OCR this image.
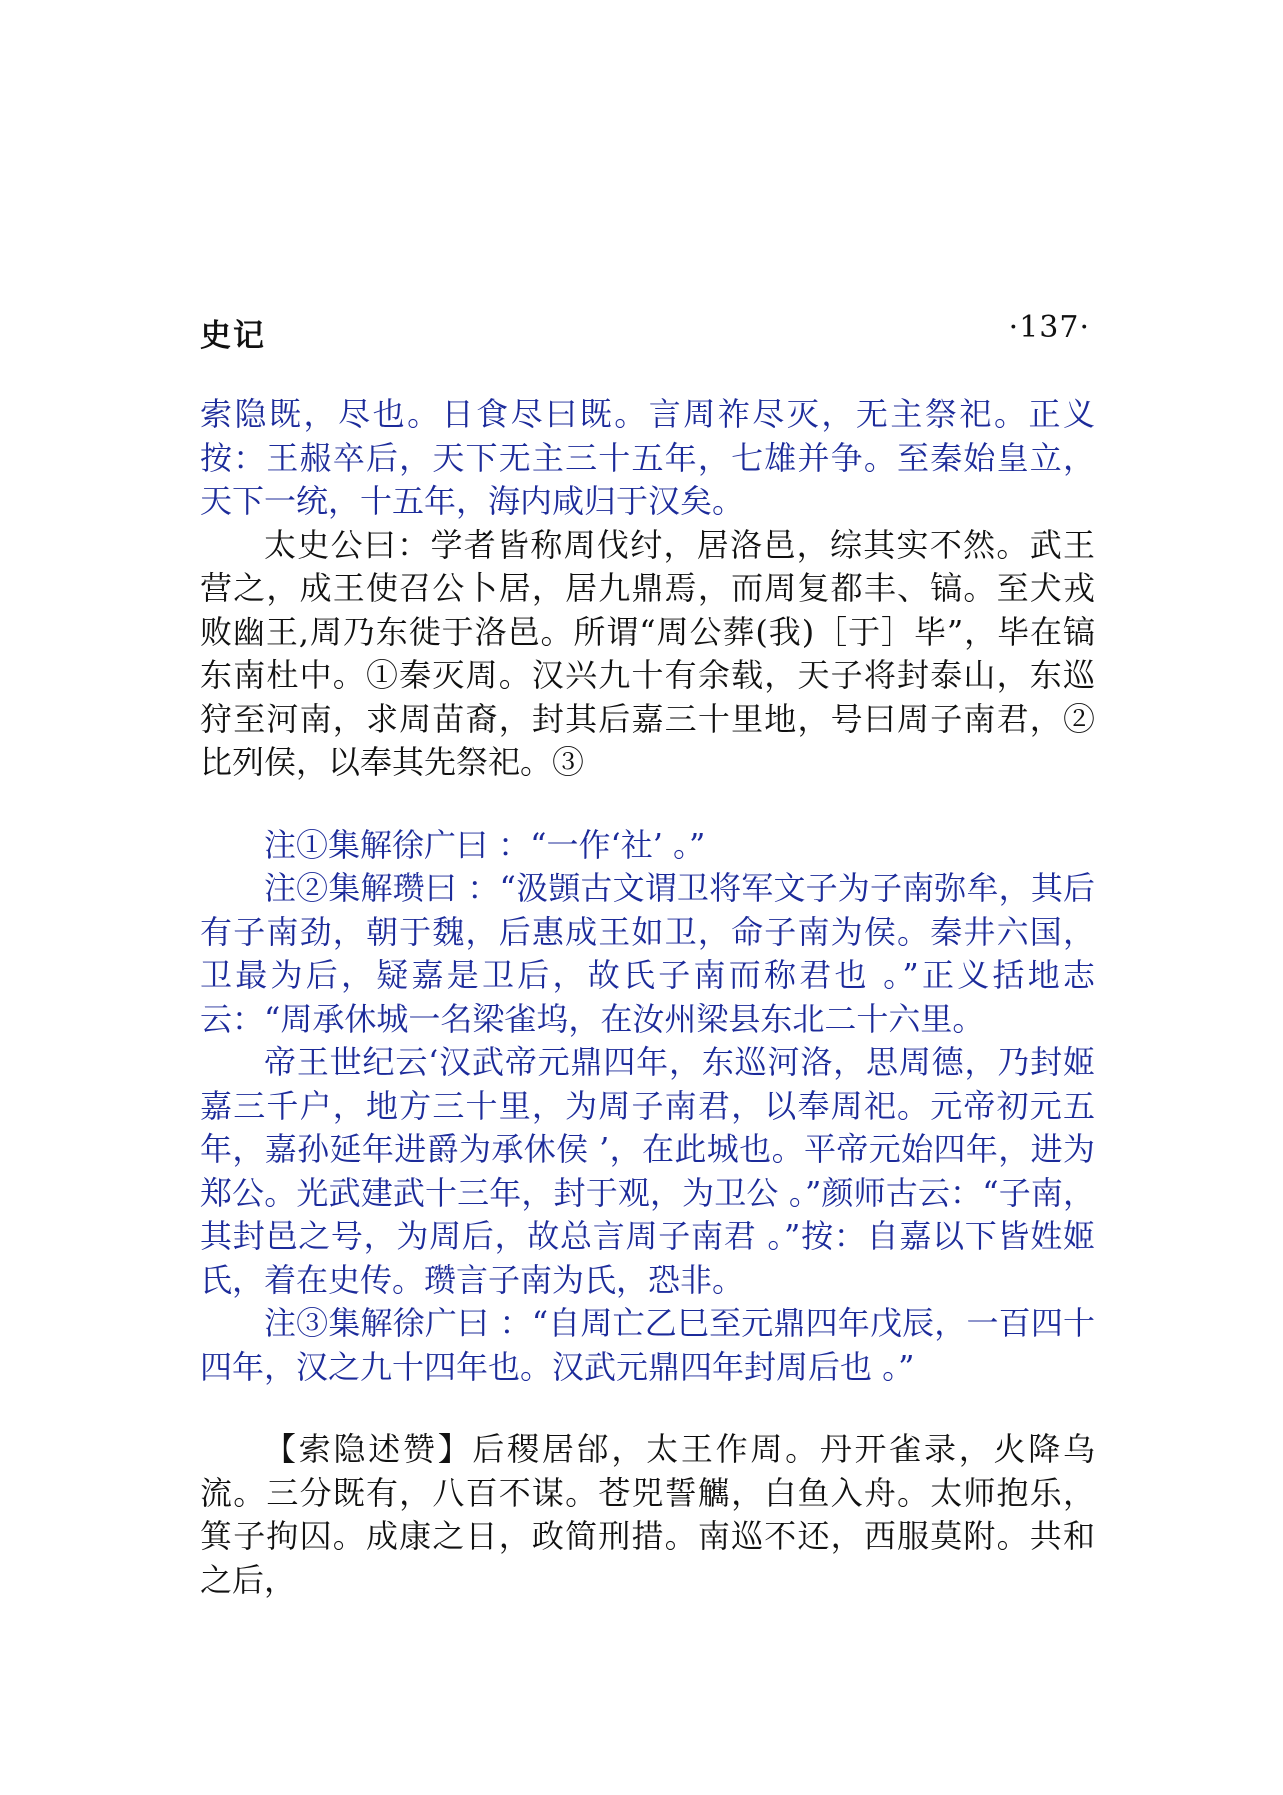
史记	·137·

索隐既，尽也。日食尽曰既。言周祚尽灭，无主祭祀。正义按：王赧卒后，天下无主三十五年，七雄并争。至秦始皇立，天下一统，十五年，海内咸归于汉矣。

太史公曰：学者皆称周伐纣，居洛邑，综其实不然。武王营之，成王使召公卜居，居九鼎焉，而周复都丰、镐。至犬戎败幽王,周乃东徙于洛邑。所谓“周公葬(我)［于］毕”，毕在镐东南杜中。①秦灭周。汉兴九十有余载，天子将封泰山，东巡狩至河南，求周苗裔，封其后嘉三十里地，号曰周子南君，②比列侯，以奉其先祭祀。③

注①集解徐广曰 ：“一作‘社’ 。”

注②集解瓒曰 ：“汲顗古文谓卫将军文子为子南弥牟，其后有子南劲，朝于魏，后惠成王如卫，命子南为侯。秦井六国，卫最为后，疑嘉是卫后，故氏子南而称君也 。”正义括地志云：“周承休城一名梁雀坞，在汝州梁县东北二十六里。

帝王世纪云‘汉武帝元鼎四年，东巡河洛，思周德，乃封姬嘉三千户，地方三十里，为周子南君，以奉周祀。元帝初元五年，嘉孙延年进爵为承休侯 ’，在此城也。平帝元始四年，进为郑公。光武建武十三年，封于观，为卫公 。”颜师古云：“子南，其封邑之号，为周后，故总言周子南君 。”按：自嘉以下皆姓姬氏，着在史传。瓒言子南为氏，恐非。

注③集解徐广曰 ：“自周亡乙巳至元鼎四年戊辰，一百四十四年，汉之九十四年也。汉武元鼎四年封周后也 。”

【索隐述赞】后稷居邰，太王作周。丹开雀录，火降乌流。三分既有，八百不谋。苍兕誓觽，白鱼入舟。太师抱乐，箕子拘囚。成康之日，政简刑措。南巡不还，西服莫附。共和之后，
